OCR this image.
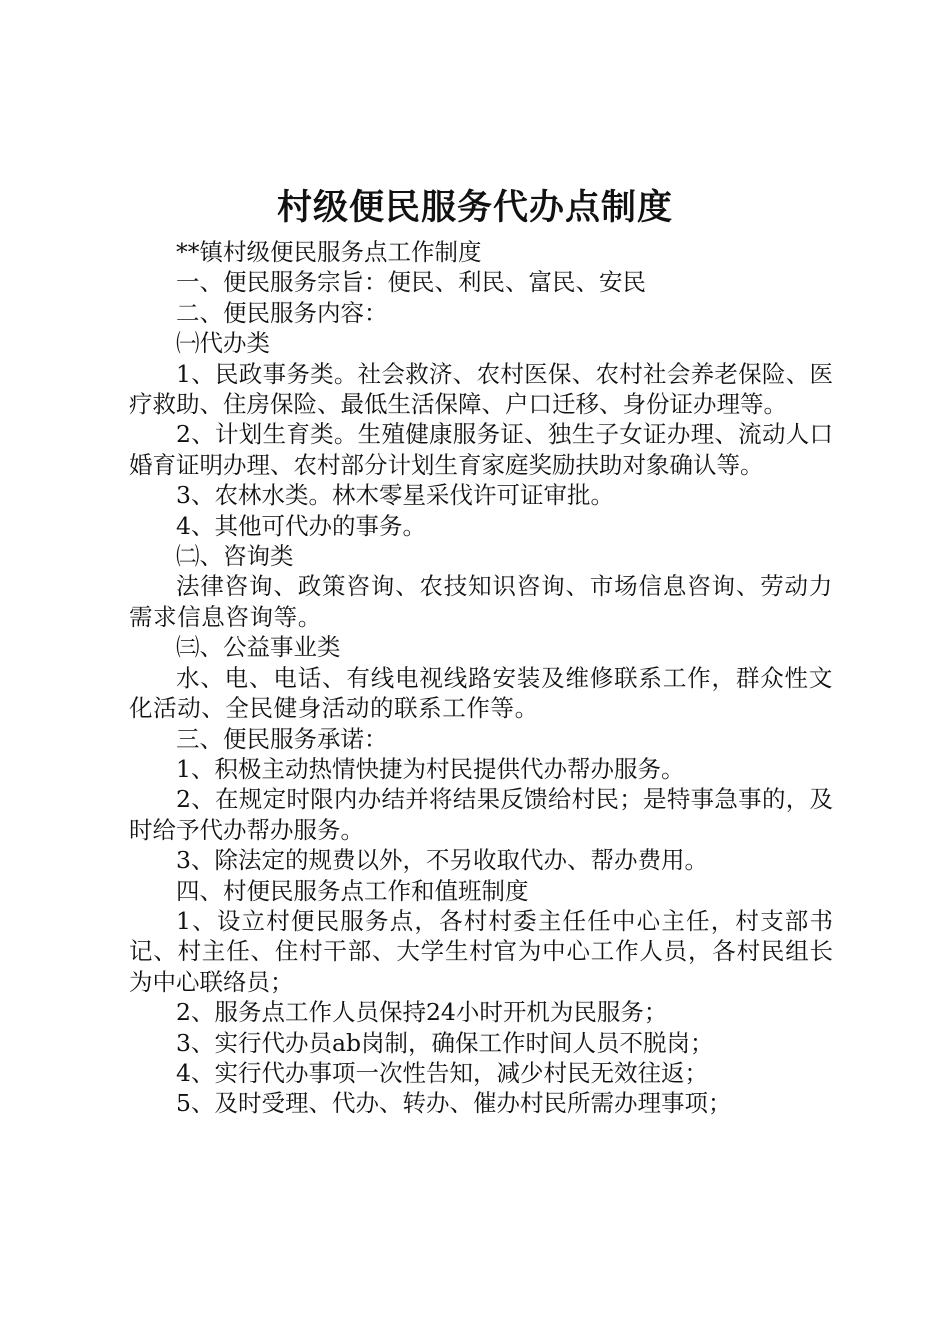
村级便民服务代办点制度

**镇村级便民服务点工作制度

一、便民服务宗旨：便民、利民、富民、安民

二、便民服务内容：

㈠代办类

1、民政事务类。社会救济、农村医保、农村社会养老保险、医疗救助、住房保险、最低生活保障、户口迁移、身份证办理等。

2、计划生育类。生殖健康服务证、独生子女证办理、流动人口婚育证明办理、农村部分计划生育家庭奖励扶助对象确认等。

3、农林水类。林木零星采伐许可证审批。

4、其他可代办的事务。

㈡、咨询类

法律咨询、政策咨询、农技知识咨询、市场信息咨询、劳动力需求信息咨询等。

㈢、公益事业类

水、电、电话、有线电视线路安装及维修联系工作，群众性文化活动、全民健身活动的联系工作等。

三、便民服务承诺：

1、积极主动热情快捷为村民提供代办帮办服务。

2、在规定时限内办结并将结果反馈给村民；是特事急事的，及时给予代办帮办服务。

3、除法定的规费以外，不另收取代办、帮办费用。

四、村便民服务点工作和值班制度

1、设立村便民服务点，各村村委主任任中心主任，村支部书记、村主任、住村干部、大学生村官为中心工作人员，各村民组长为中心联络员；

2、服务点工作人员保持24小时开机为民服务；

3、实行代办员ab岗制，确保工作时间人员不脱岗；

4、实行代办事项一次性告知，减少村民无效往返；

5、及时受理、代办、转办、催办村民所需办理事项；
